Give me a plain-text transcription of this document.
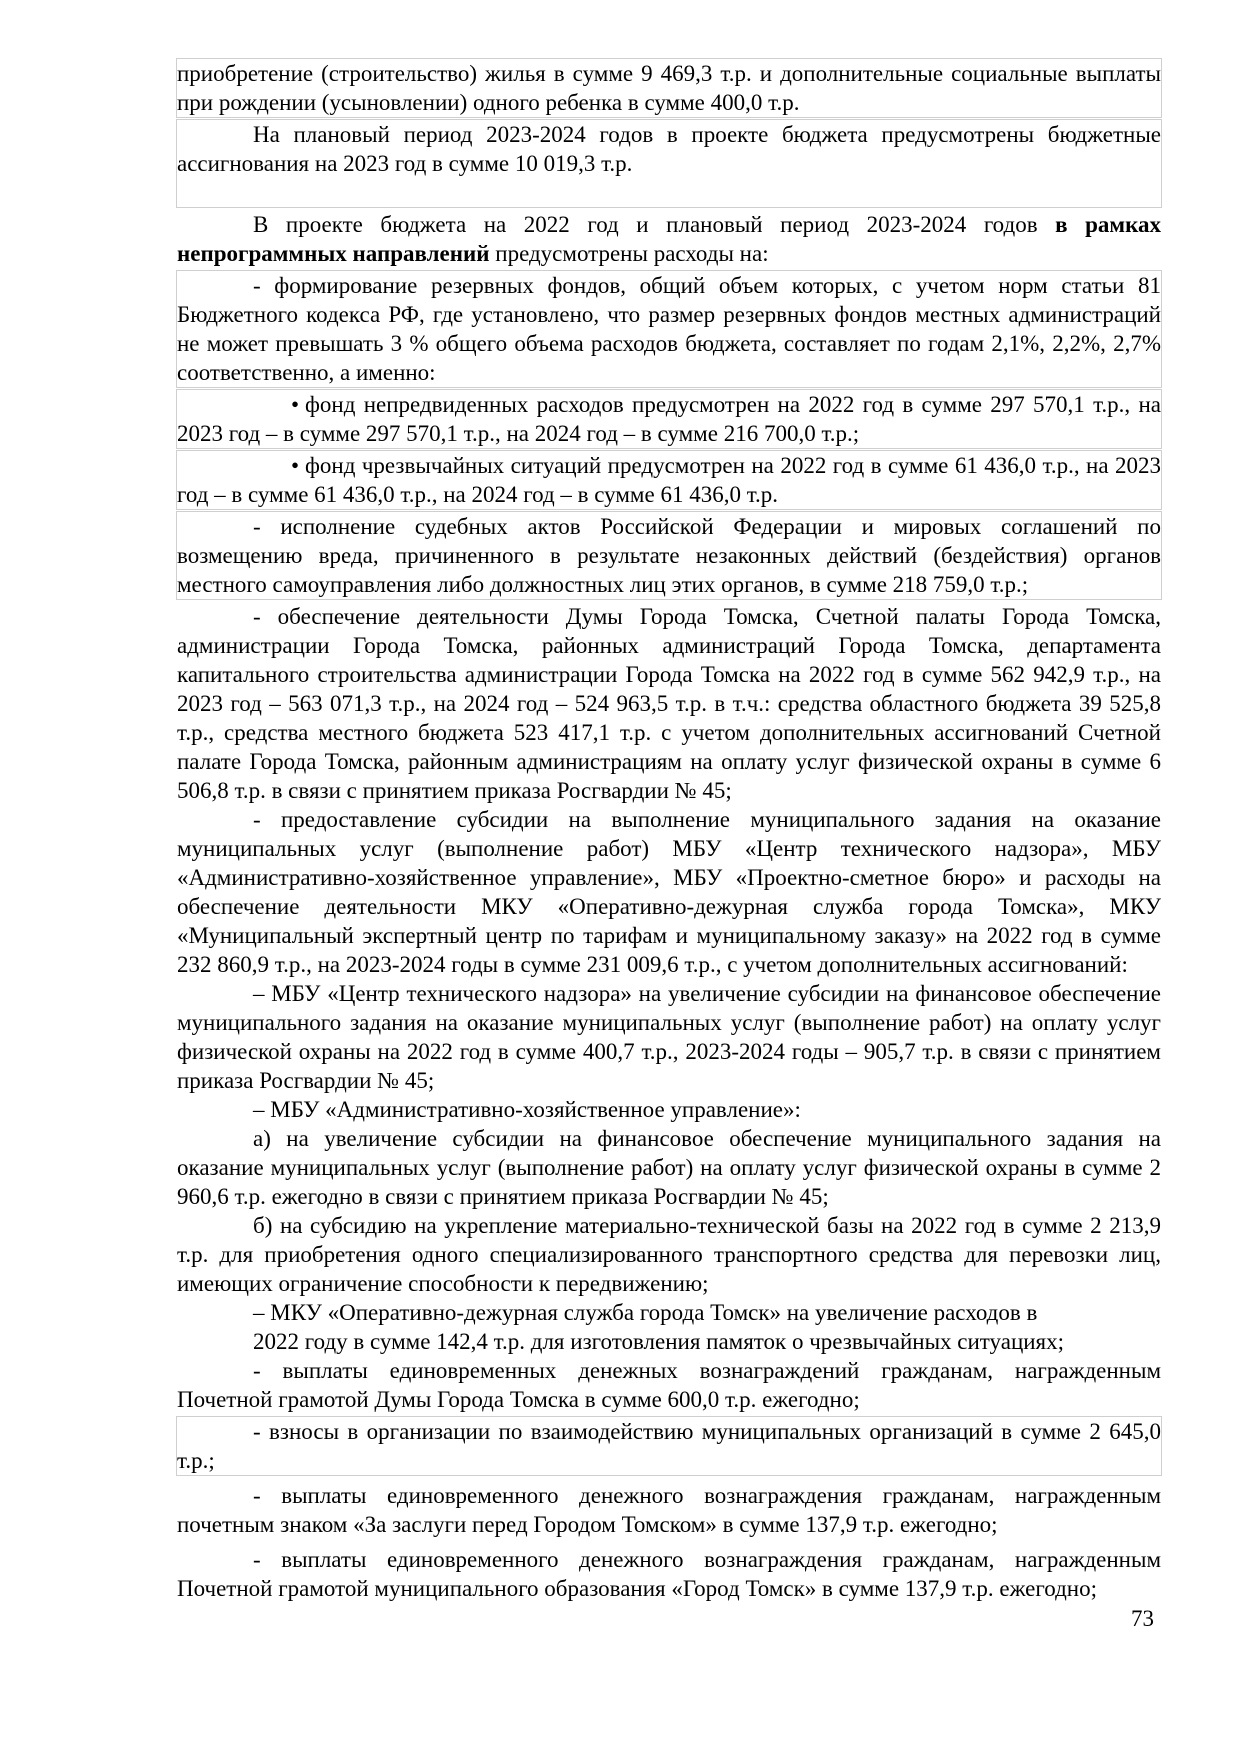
приобретение (строительство) жилья в сумме 9 469,3 т.р. и дополнительные социальные выплаты при рождении (усыновлении) одного ребенка в сумме 400,0 т.р.

На плановый период 2023-2024 годов в проекте бюджета предусмотрены бюджетные ассигнования на 2023 год в сумме 10 019,3 т.р.

В проекте бюджета на 2022 год и плановый период 2023-2024 годов в рамках непрограммных направлений предусмотрены расходы на:

- формирование резервных фондов, общий объем которых, с учетом норм статьи 81 Бюджетного кодекса РФ, где установлено, что размер резервных фондов местных администраций не может превышать 3 % общего объема расходов бюджета, составляет по годам 2,1%, 2,2%, 2,7% соответственно, а именно:

• фонд непредвиденных расходов предусмотрен на 2022 год в сумме 297 570,1 т.р., на 2023 год – в сумме 297 570,1 т.р., на 2024 год – в сумме 216 700,0 т.р.;

• фонд чрезвычайных ситуаций предусмотрен на 2022 год в сумме 61 436,0 т.р., на 2023 год – в сумме 61 436,0 т.р., на 2024 год – в сумме 61 436,0 т.р.

- исполнение судебных актов Российской Федерации и мировых соглашений по возмещению вреда, причиненного в результате незаконных действий (бездействия) органов местного самоуправления либо должностных лиц этих органов, в сумме 218 759,0 т.р.;

- обеспечение деятельности Думы Города Томска, Счетной палаты Города Томска, администрации Города Томска, районных администраций Города Томска, департамента капитального строительства администрации Города Томска на 2022 год в сумме 562 942,9 т.р., на 2023 год – 563 071,3 т.р., на 2024 год – 524 963,5 т.р. в т.ч.: средства областного бюджета 39 525,8 т.р., средства местного бюджета 523 417,1 т.р. с учетом дополнительных ассигнований Счетной палате Города Томска, районным администрациям на оплату услуг физической охраны в сумме 6 506,8 т.р. в связи с принятием приказа Росгвардии № 45;

- предоставление субсидии на выполнение муниципального задания на оказание муниципальных услуг (выполнение работ) МБУ «Центр технического надзора», МБУ «Административно-хозяйственное управление», МБУ «Проектно-сметное бюро» и расходы на обеспечение деятельности МКУ «Оперативно-дежурная служба города Томска», МКУ «Муниципальный экспертный центр по тарифам и муниципальному заказу» на 2022 год в сумме 232 860,9 т.р., на 2023-2024 годы в сумме 231 009,6 т.р., с учетом дополнительных ассигнований:

– МБУ «Центр технического надзора» на увеличение субсидии на финансовое обеспечение муниципального задания на оказание муниципальных услуг (выполнение работ) на оплату услуг физической охраны на 2022 год в сумме 400,7 т.р., 2023-2024 годы – 905,7 т.р. в связи с принятием приказа Росгвардии № 45;

– МБУ «Административно-хозяйственное управление»:

а) на увеличение субсидии на финансовое обеспечение муниципального задания на оказание муниципальных услуг (выполнение работ) на оплату услуг физической охраны в сумме 2 960,6 т.р. ежегодно в связи с принятием приказа Росгвардии № 45;

б) на субсидию на укрепление материально-технической базы на 2022 год в сумме 2 213,9 т.р. для приобретения одного специализированного транспортного средства для перевозки лиц, имеющих ограничение способности к передвижению;

– МКУ «Оперативно-дежурная служба города Томск» на увеличение расходов в

2022 году в сумме 142,4 т.р. для изготовления памяток о чрезвычайных ситуациях;

- выплаты единовременных денежных вознаграждений гражданам, награжденным Почетной грамотой Думы Города Томска в сумме 600,0 т.р. ежегодно;

- взносы в организации по взаимодействию муниципальных организаций в сумме 2 645,0 т.р.;

- выплаты единовременного денежного вознаграждения гражданам, награжденным почетным знаком «За заслуги перед Городом Томском» в сумме 137,9 т.р. ежегодно;

- выплаты единовременного денежного вознаграждения гражданам, награжденным Почетной грамотой муниципального образования «Город Томск» в сумме 137,9 т.р. ежегодно;

73
